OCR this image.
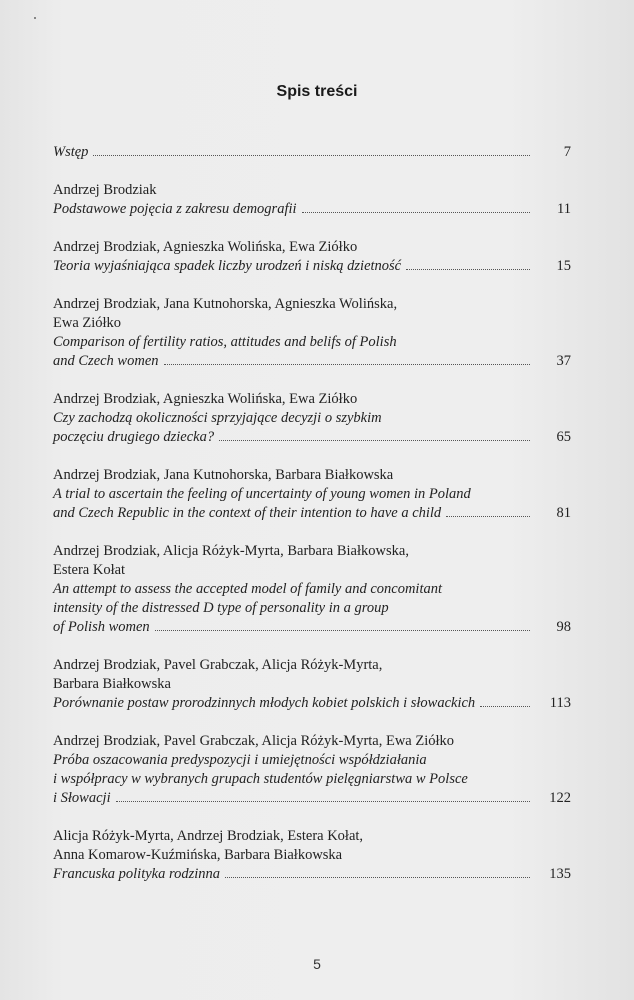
Spis treści
Wstęp	7
Andrzej Brodziak
Podstawowe pojęcia z zakresu demografii	11
Andrzej Brodziak, Agnieszka Wolińska, Ewa Ziółko
Teoria wyjaśniająca spadek liczby urodzeń i niską dzietność	15
Andrzej Brodziak, Jana Kutnohorska, Agnieszka Wolińska,
Ewa Ziółko
Comparison of fertility ratios, attitudes and belifs of Polish
and Czech women	37
Andrzej Brodziak, Agnieszka Wolińska, Ewa Ziółko
Czy zachodzą okoliczności sprzyjające decyzji o szybkim
poczęciu drugiego dziecka?	65
Andrzej Brodziak, Jana Kutnohorska, Barbara Białkowska
A trial to ascertain the feeling of uncertainty of young women in Poland
and Czech Republic in the context of their intention to have a child	81
Andrzej Brodziak, Alicja Różyk-Myrta, Barbara Białkowska,
Estera Kołat
An attempt to assess the accepted model of family and concomitant
intensity of the distressed D type of personality in a group
of Polish women	98
Andrzej Brodziak, Pavel Grabczak, Alicja Różyk-Myrta,
Barbara Białkowska
Porównanie postaw prorodzinnych młodych kobiet polskich i słowackich	113
Andrzej Brodziak, Pavel Grabczak, Alicja Różyk-Myrta, Ewa Ziółko
Próba oszacowania predyspozycji i umiejętności współdziałania
i współpracy w wybranych grupach studentów pielęgniarstwa w Polsce
i Słowacji	122
Alicja Różyk-Myrta, Andrzej Brodziak, Estera Kołat,
Anna Komarow-Kuźmińska, Barbara Białkowska
Francuska polityka rodzinna	135
5
